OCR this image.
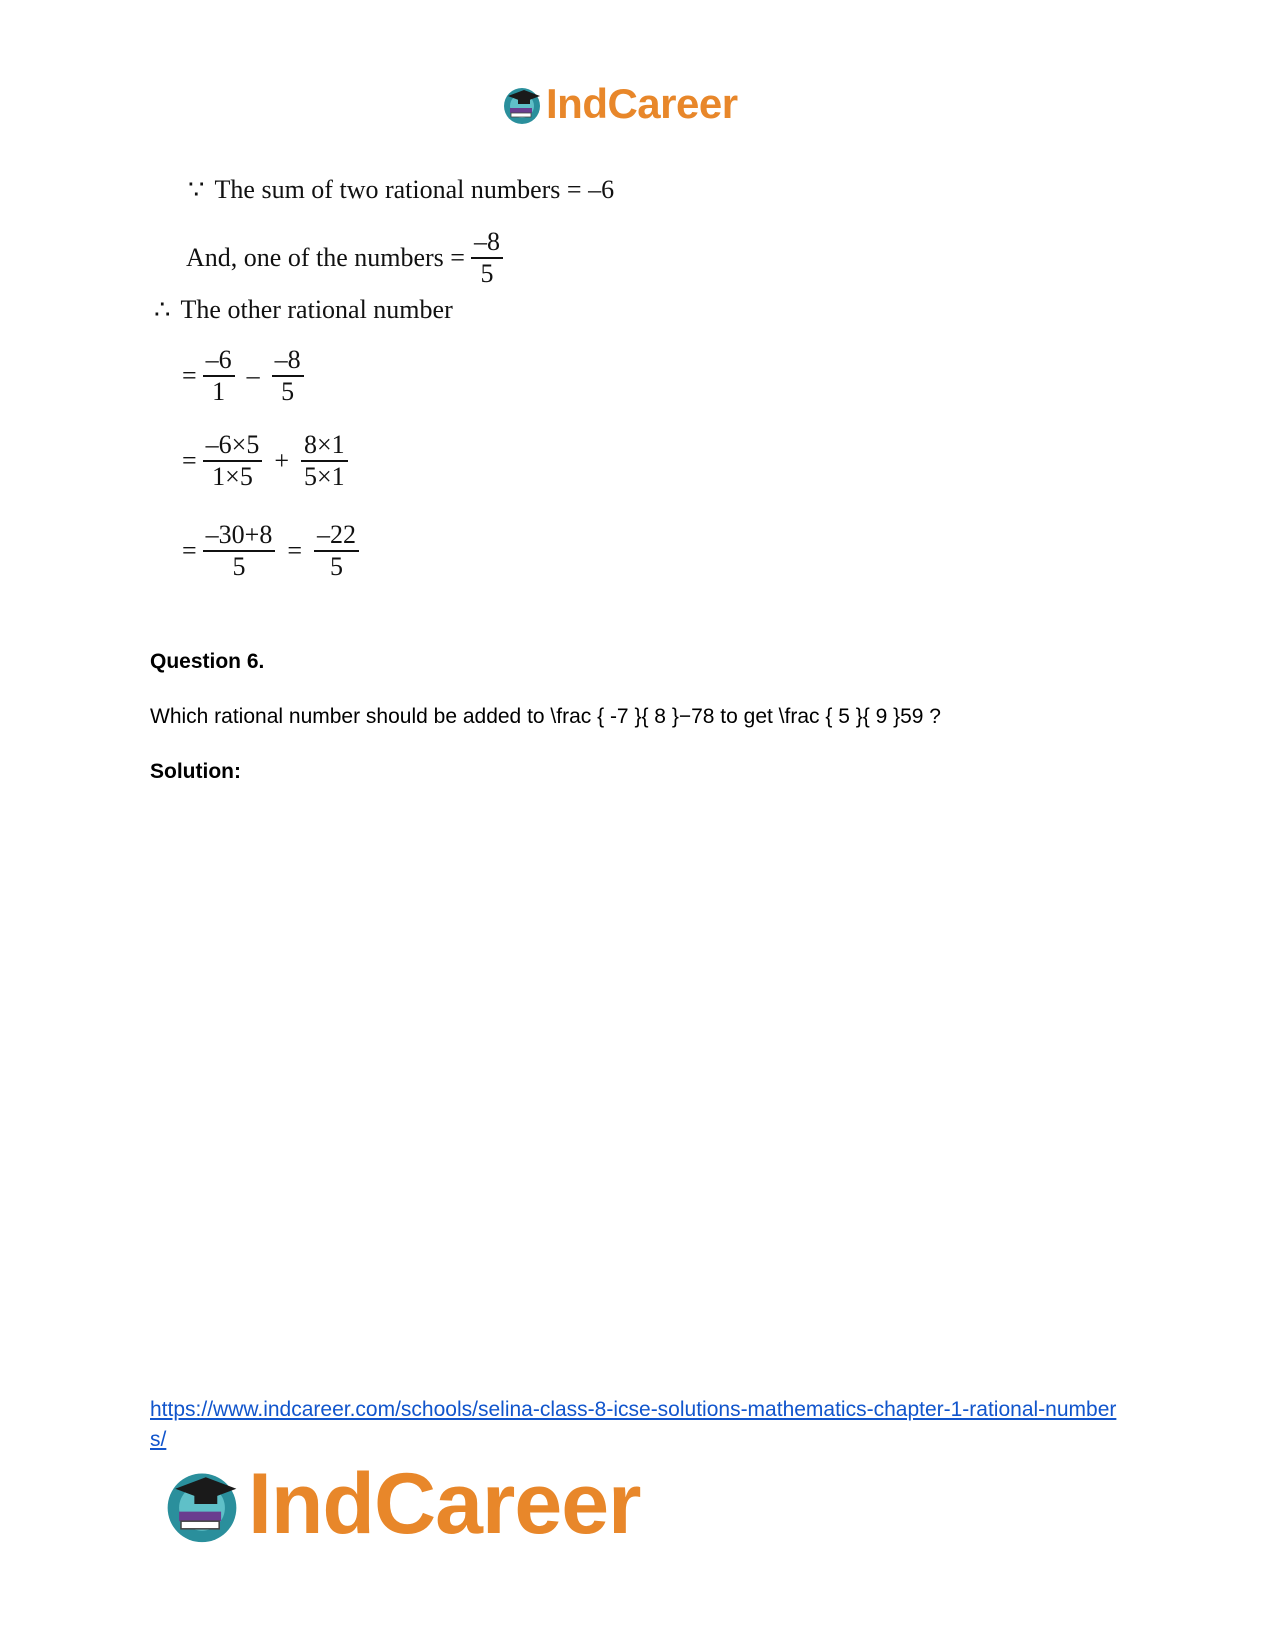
IndCareer
∵ The sum of two rational numbers = –6
And, one of the numbers = $\frac{-8}{5}$
∴ The other rational number
= $\frac{-6}{1} - \frac{-8}{5}$
= $\frac{-6\times 5}{1\times 5} + \frac{8\times 1}{5\times 1}$
= $\frac{-30+8}{5} = \frac{-22}{5}$
Question 6.
Which rational number should be added to \frac { -7 }{ 8 }−78 to get \frac { 5 }{ 9 }59 ?
Solution:
https://www.indcareer.com/schools/selina-class-8-icse-solutions-mathematics-chapter-1-rational-numbers/
IndCareer
